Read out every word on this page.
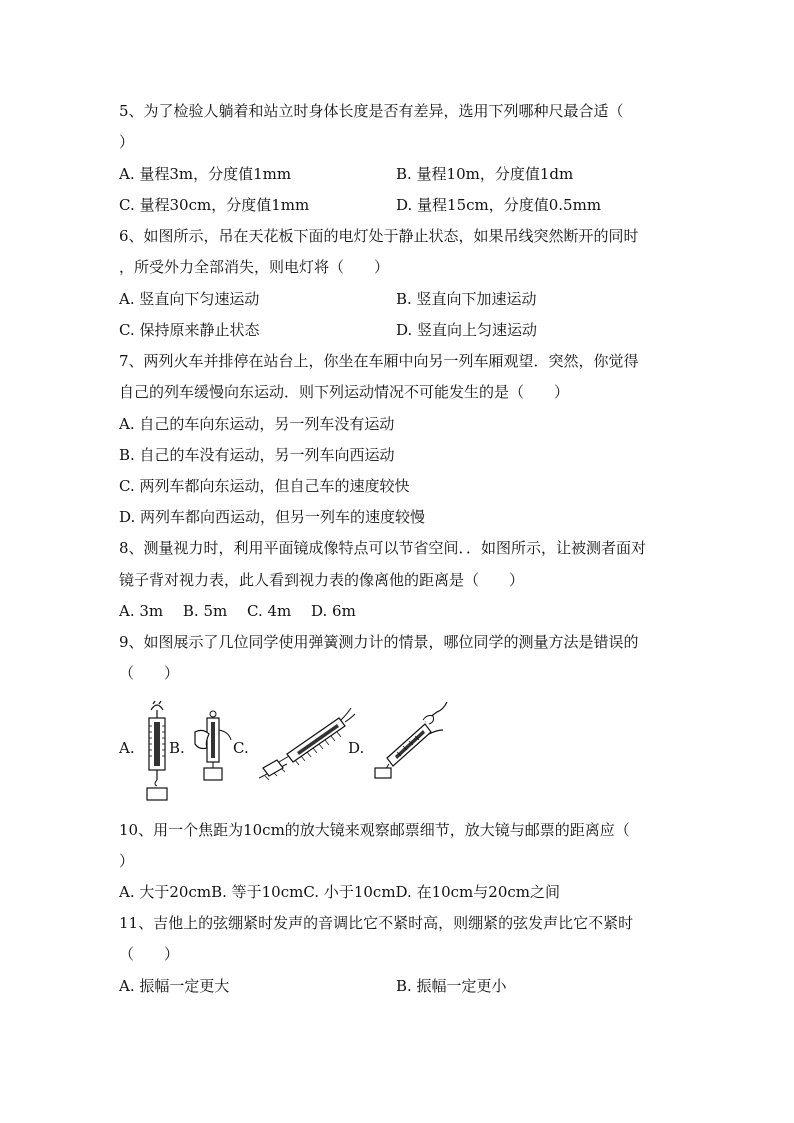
5、为了检验人躺着和站立时身体长度是否有差异，选用下列哪种尺最合适（
）
A. 量程3m，分度值1mm	B. 量程10m，分度值1dm
C. 量程30cm，分度值1mm	D. 量程15cm，分度值0.5mm
6、如图所示，吊在天花板下面的电灯处于静止状态，如果吊线突然断开的同时
，所受外力全部消失，则电灯将（　　）
A. 竖直向下匀速运动	B. 竖直向下加速运动
C. 保持原来静止状态	D. 竖直向上匀速运动
7、两列火车并排停在站台上，你坐在车厢中向另一列车厢观望．突然，你觉得
自己的列车缓慢向东运动．则下列运动情况不可能发生的是（　　）
A. 自己的车向东运动，另一列车没有运动
B. 自己的车没有运动，另一列车向西运动
C. 两列车都向东运动，但自己车的速度较快
D. 两列车都向西运动，但另一列车的速度较慢
8、测量视力时，利用平面镜成像特点可以节省空间．．如图所示，让被测者面对
镜子背对视力表，此人看到视力表的像离他的距离是（　　）
A. 3m　 B. 5m　 C. 4m　 D. 6m
9、如图展示了几位同学使用弹簧测力计的情景，哪位同学的测量方法是错误的
（　　）
A. B.	C.	D.
10、用一个焦距为10cm的放大镜来观察邮票细节，放大镜与邮票的距离应（
）
A. 大于20cmB. 等于10cmC. 小于10cmD. 在10cm与20cm之间
11、吉他上的弦绷紧时发声的音调比它不紧时高，则绷紧的弦发声比它不紧时
（　　）
A. 振幅一定更大	B. 振幅一定更小
